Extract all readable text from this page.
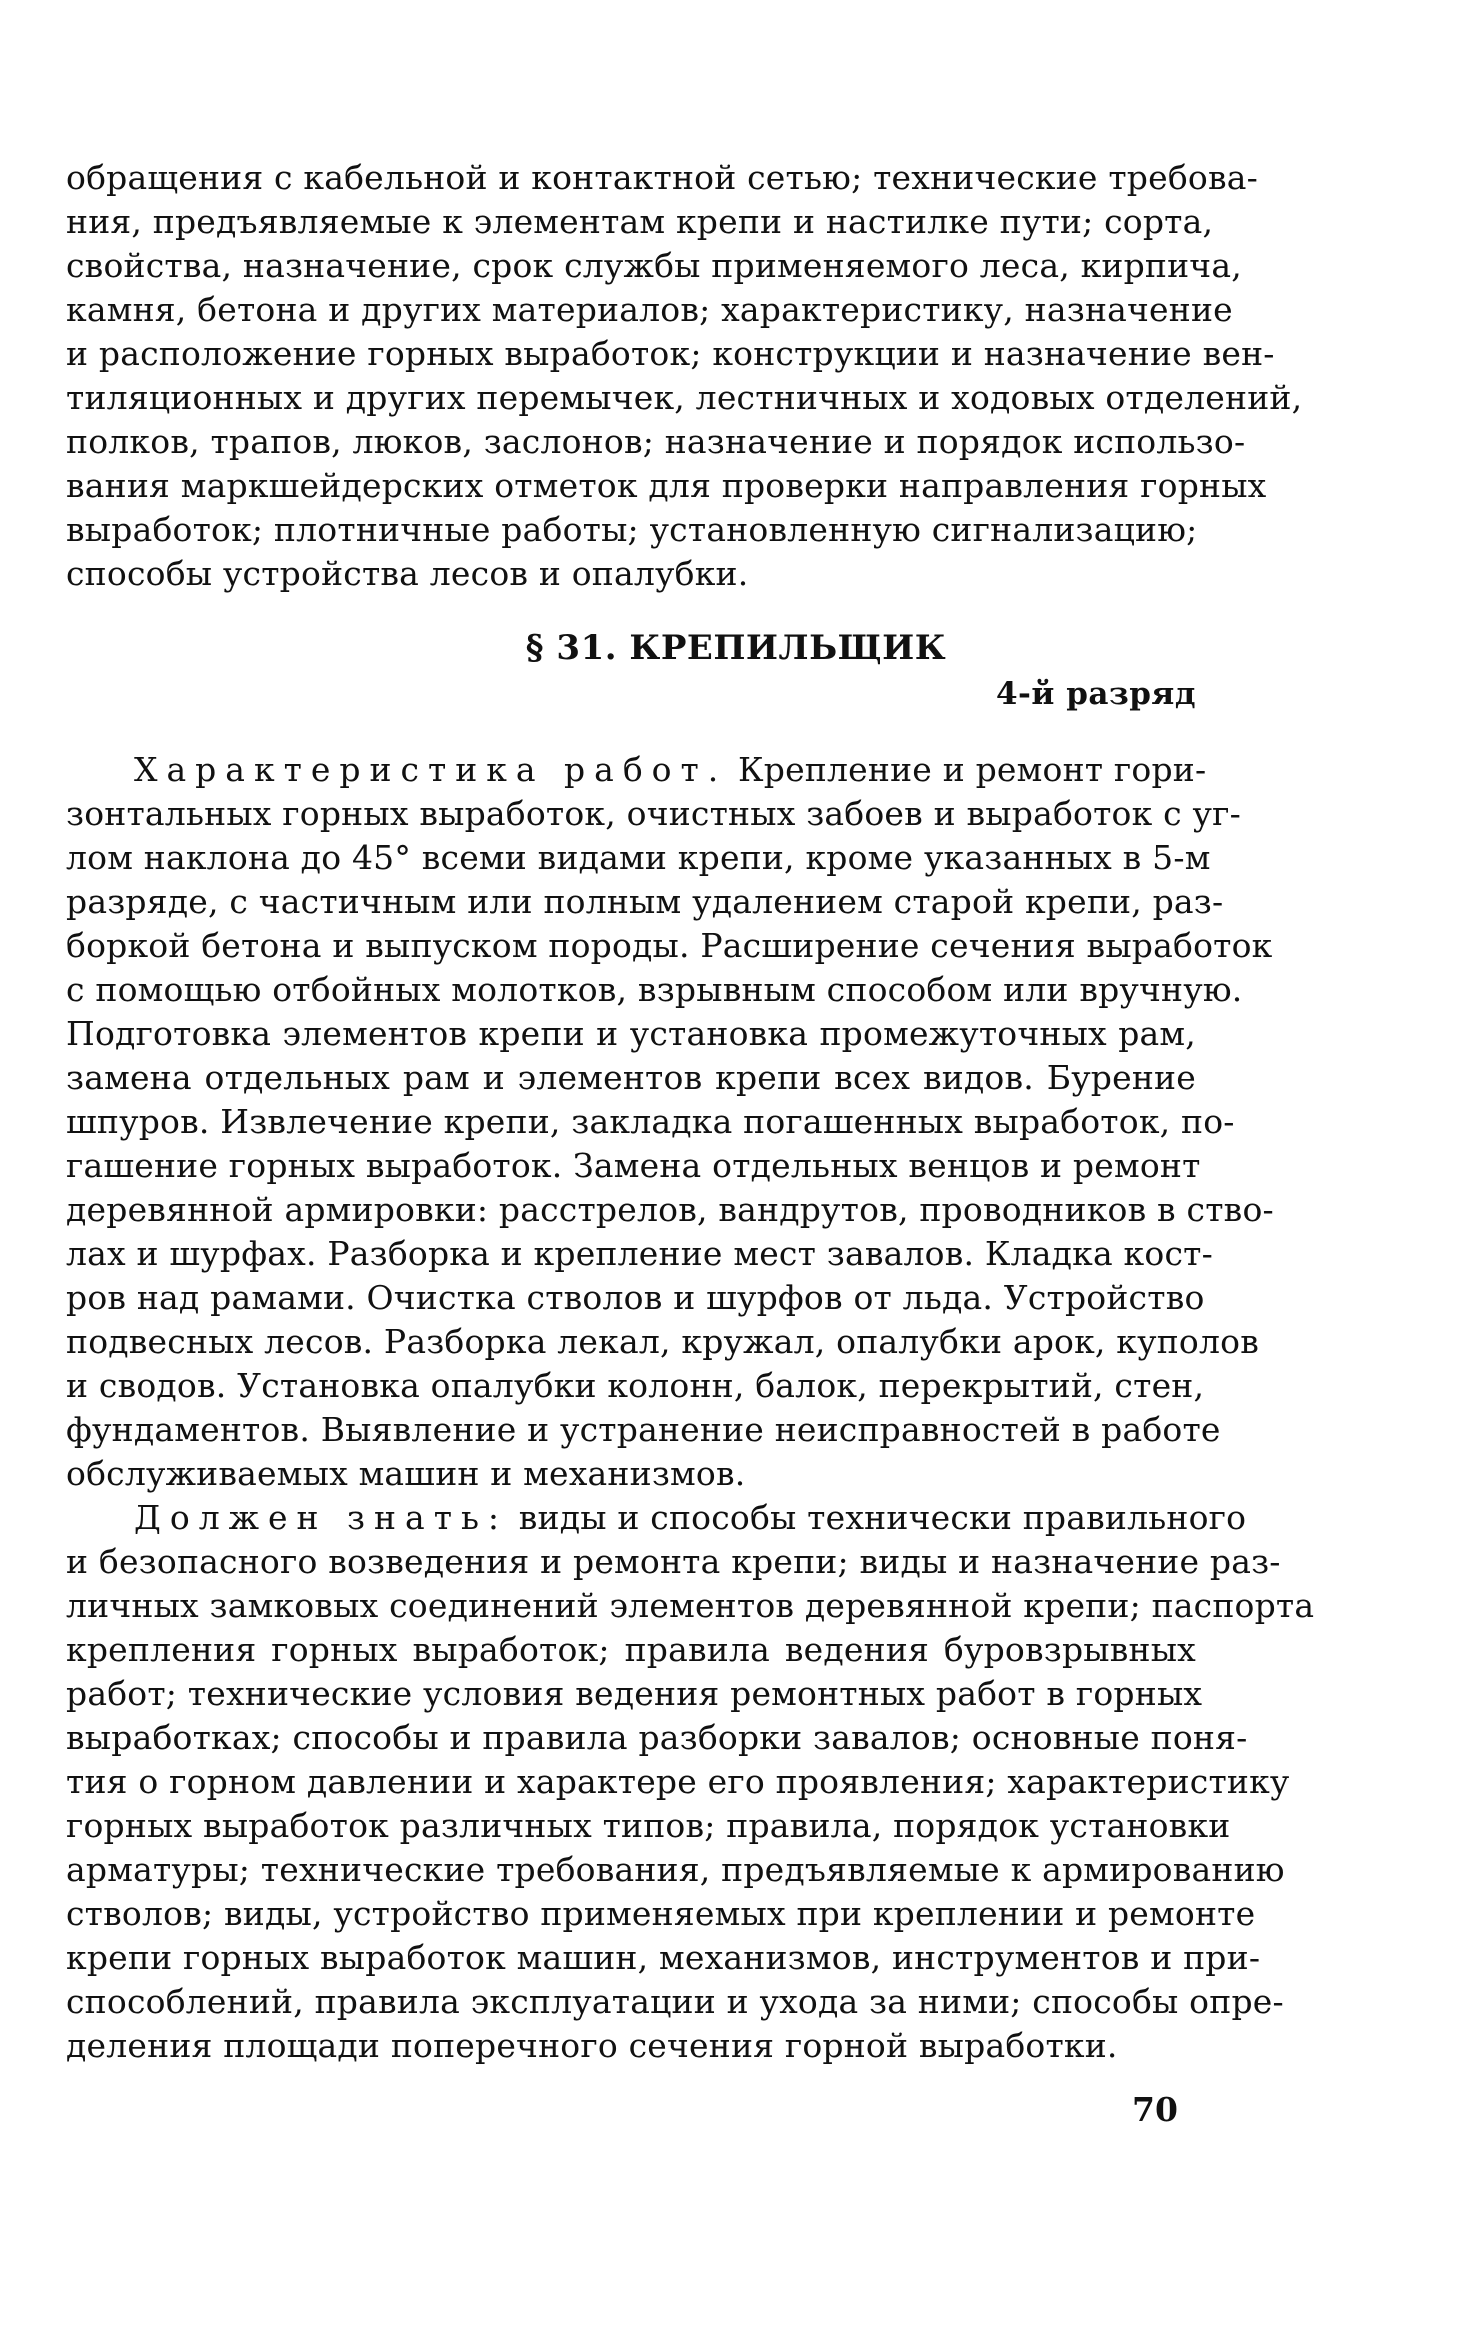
обращения с кабельной и контактной сетью; технические требова-
ния, предъявляемые к элементам крепи и настилке пути; сорта,
свойства, назначение, срок службы применяемого леса, кирпича,
камня, бетона и других материалов; характеристику, назначение
и расположение горных выработок; конструкции и назначение вен-
тиляционных и других перемычек, лестничных и ходовых отделений,
полков, трапов, люков, заслонов; назначение и порядок использо-
вания маркшейдерских отметок для проверки направления горных
выработок; плотничные работы; установленную сигнализацию;
способы устройства лесов и опалубки.
§ 31. КРЕПИЛЬЩИК
4-й разряд
Характеристика работ. Крепление и ремонт гори-
зонтальных горных выработок, очистных забоев и выработок с уг-
лом наклона до 45° всеми видами крепи, кроме указанных в 5-м
разряде, с частичным или полным удалением старой крепи, раз-
боркой бетона и выпуском породы. Расширение сечения выработок
с помощью отбойных молотков, взрывным способом или вручную.
Подготовка элементов крепи и установка промежуточных рам,
замена отдельных рам и элементов крепи всех видов. Бурение
шпуров. Извлечение крепи, закладка погашенных выработок, по-
гашение горных выработок. Замена отдельных венцов и ремонт
деревянной армировки: расстрелов, вандрутов, проводников в ство-
лах и шурфах. Разборка и крепление мест завалов. Кладка кост-
ров над рамами. Очистка стволов и шурфов от льда. Устройство
подвесных лесов. Разборка лекал, кружал, опалубки арок, куполов
и сводов. Установка опалубки колонн, балок, перекрытий, стен,
фундаментов. Выявление и устранение неисправностей в работе
обслуживаемых машин и механизмов.
Должен знать: виды и способы технически правильного
и безопасного возведения и ремонта крепи; виды и назначение раз-
личных замковых соединений элементов деревянной крепи; паспорта
крепления горных выработок; правила ведения буровзрывных
работ; технические условия ведения ремонтных работ в горных
выработках; способы и правила разборки завалов; основные поня-
тия о горном давлении и характере его проявления; характеристику
горных выработок различных типов; правила, порядок установки
арматуры; технические требования, предъявляемые к армированию
стволов; виды, устройство применяемых при креплении и ремонте
крепи горных выработок машин, механизмов, инструментов и при-
способлений, правила эксплуатации и ухода за ними; способы опре-
деления площади поперечного сечения горной выработки.
70
